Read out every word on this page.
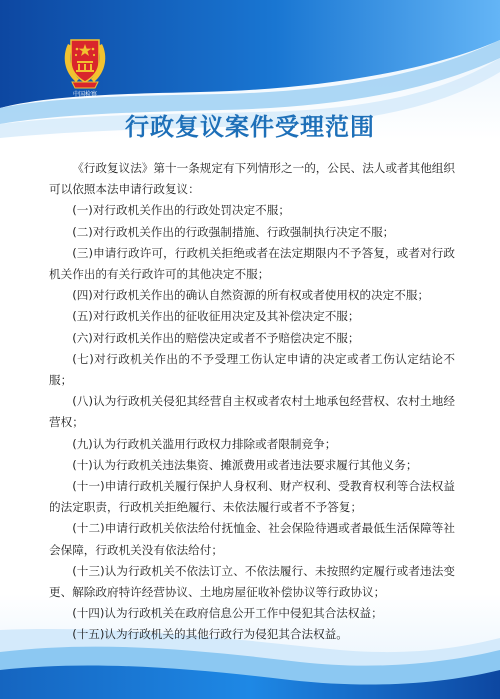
中国检察
行政复议案件受理范围

《行政复议法》第十一条规定有下列情形之一的，公民、法人或者其他组织可以依照本法申请行政复议：

(一)对行政机关作出的行政处罚决定不服；

(二)对行政机关作出的行政强制措施、行政强制执行决定不服；

(三)申请行政许可，行政机关拒绝或者在法定期限内不予答复，或者对行政机关作出的有关行政许可的其他决定不服；

(四)对行政机关作出的确认自然资源的所有权或者使用权的决定不服；

(五)对行政机关作出的征收征用决定及其补偿决定不服；

(六)对行政机关作出的赔偿决定或者不予赔偿决定不服；

(七)对行政机关作出的不予受理工伤认定申请的决定或者工伤认定结论不服；

(八)认为行政机关侵犯其经营自主权或者农村土地承包经营权、农村土地经营权；

(九)认为行政机关滥用行政权力排除或者限制竞争；

(十)认为行政机关违法集资、摊派费用或者违法要求履行其他义务；

(十一)申请行政机关履行保护人身权利、财产权利、受教育权利等合法权益的法定职责，行政机关拒绝履行、未依法履行或者不予答复；

(十二)申请行政机关依法给付抚恤金、社会保险待遇或者最低生活保障等社会保障，行政机关没有依法给付；

(十三)认为行政机关不依法订立、不依法履行、未按照约定履行或者违法变更、解除政府特许经营协议、土地房屋征收补偿协议等行政协议；

(十四)认为行政机关在政府信息公开工作中侵犯其合法权益；

(十五)认为行政机关的其他行政行为侵犯其合法权益。
